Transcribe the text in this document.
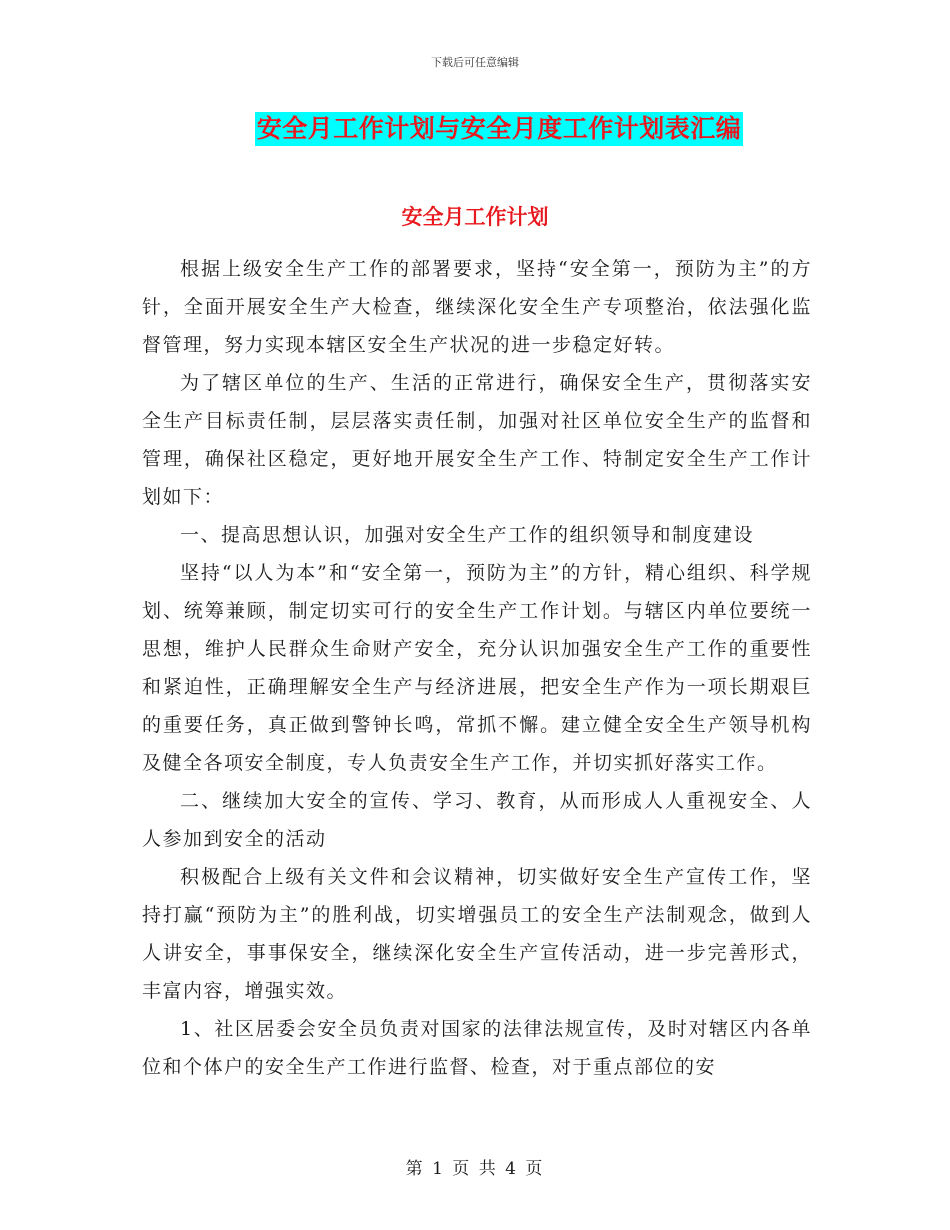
下载后可任意编辑
安全月工作计划与安全月度工作计划表汇编
安全月工作计划

根据上级安全生产工作的部署要求，坚持“安全第一，预防为主”的方针，全面开展安全生产大检查，继续深化安全生产专项整治，依法强化监督管理，努力实现本辖区安全生产状况的进一步稳定好转。

为了辖区单位的生产、生活的正常进行，确保安全生产，贯彻落实安全生产目标责任制，层层落实责任制，加强对社区单位安全生产的监督和管理，确保社区稳定，更好地开展安全生产工作、特制定安全生产工作计划如下：

一、提高思想认识，加强对安全生产工作的组织领导和制度建设

坚持“以人为本”和“安全第一，预防为主”的方针，精心组织、科学规划、统筹兼顾，制定切实可行的安全生产工作计划。与辖区内单位要统一思想，维护人民群众生命财产安全，充分认识加强安全生产工作的重要性和紧迫性，正确理解安全生产与经济进展，把安全生产作为一项长期艰巨的重要任务，真正做到警钟长鸣，常抓不懈。建立健全安全生产领导机构及健全各项安全制度，专人负责安全生产工作，并切实抓好落实工作。

二、继续加大安全的宣传、学习、教育，从而形成人人重视安全、人人参加到安全的活动

积极配合上级有关文件和会议精神，切实做好安全生产宣传工作，坚持打赢“预防为主”的胜利战，切实增强员工的安全生产法制观念，做到人人讲安全，事事保安全，继续深化安全生产宣传活动，进一步完善形式，丰富内容，增强实效。

1、社区居委会安全员负责对国家的法律法规宣传，及时对辖区内各单位和个体户的安全生产工作进行监督、检查，对于重点部位的安

第 1 页 共 4 页
